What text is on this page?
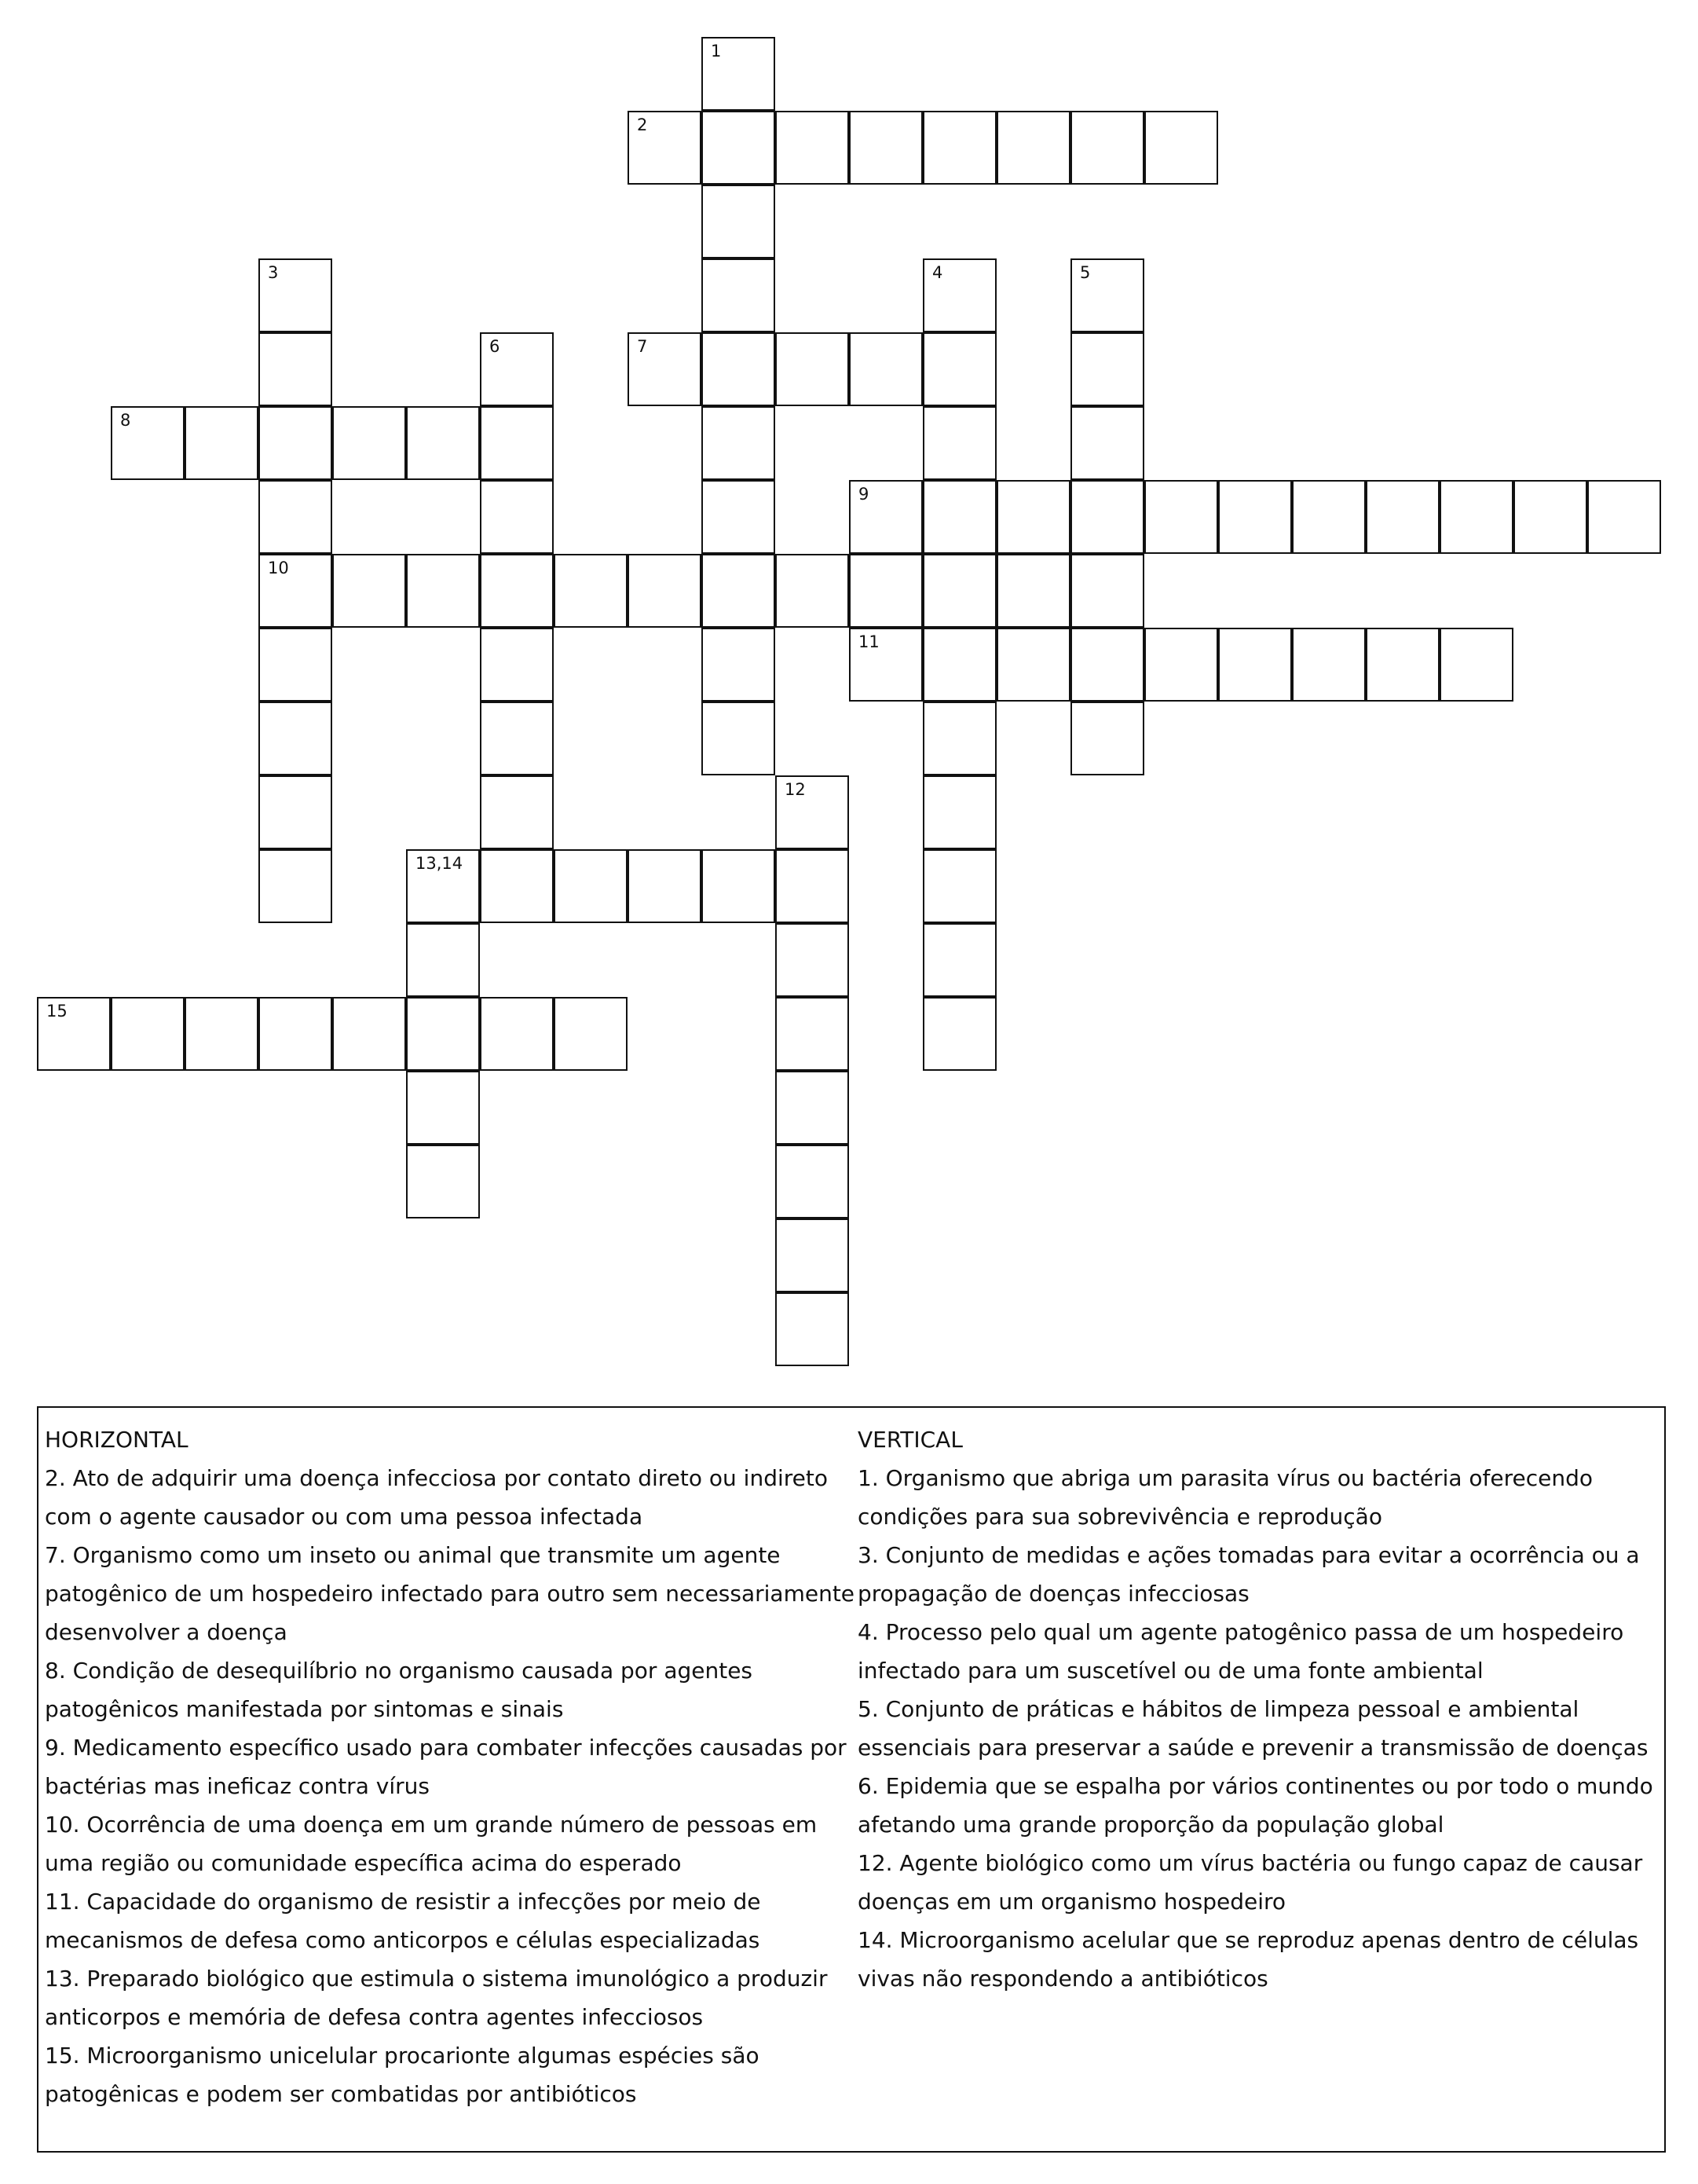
1
2
3	4	5
6	7
8
9
10
11
12
13,14
15
HORIZONTAL
2. Ato de adquirir uma doença infecciosa por contato direto ou indireto com o agente causador ou com uma pessoa infectada
7. Organismo como um inseto ou animal que transmite um agente patogênico de um hospedeiro infectado para outro sem necessariamente desenvolver a doença
8. Condição de desequilíbrio no organismo causada por agentes patogênicos manifestada por sintomas e sinais
9. Medicamento específico usado para combater infecções causadas por bactérias mas ineficaz contra vírus
10. Ocorrência de uma doença em um grande número de pessoas em uma região ou comunidade específica acima do esperado
11. Capacidade do organismo de resistir a infecções por meio de mecanismos de defesa como anticorpos e células especializadas
13. Preparado biológico que estimula o sistema imunológico a produzir anticorpos e memória de defesa contra agentes infecciosos
15. Microorganismo unicelular procarionte algumas espécies são patogênicas e podem ser combatidas por antibióticos
VERTICAL
1. Organismo que abriga um parasita vírus ou bactéria oferecendo condições para sua sobrevivência e reprodução
3. Conjunto de medidas e ações tomadas para evitar a ocorrência ou a propagação de doenças infecciosas
4. Processo pelo qual um agente patogênico passa de um hospedeiro infectado para um suscetível ou de uma fonte ambiental
5. Conjunto de práticas e hábitos de limpeza pessoal e ambiental essenciais para preservar a saúde e prevenir a transmissão de doenças
6. Epidemia que se espalha por vários continentes ou por todo o mundo afetando uma grande proporção da população global
12. Agente biológico como um vírus bactéria ou fungo capaz de causar doenças em um organismo hospedeiro
14. Microorganismo acelular que se reproduz apenas dentro de células vivas não respondendo a antibióticos
